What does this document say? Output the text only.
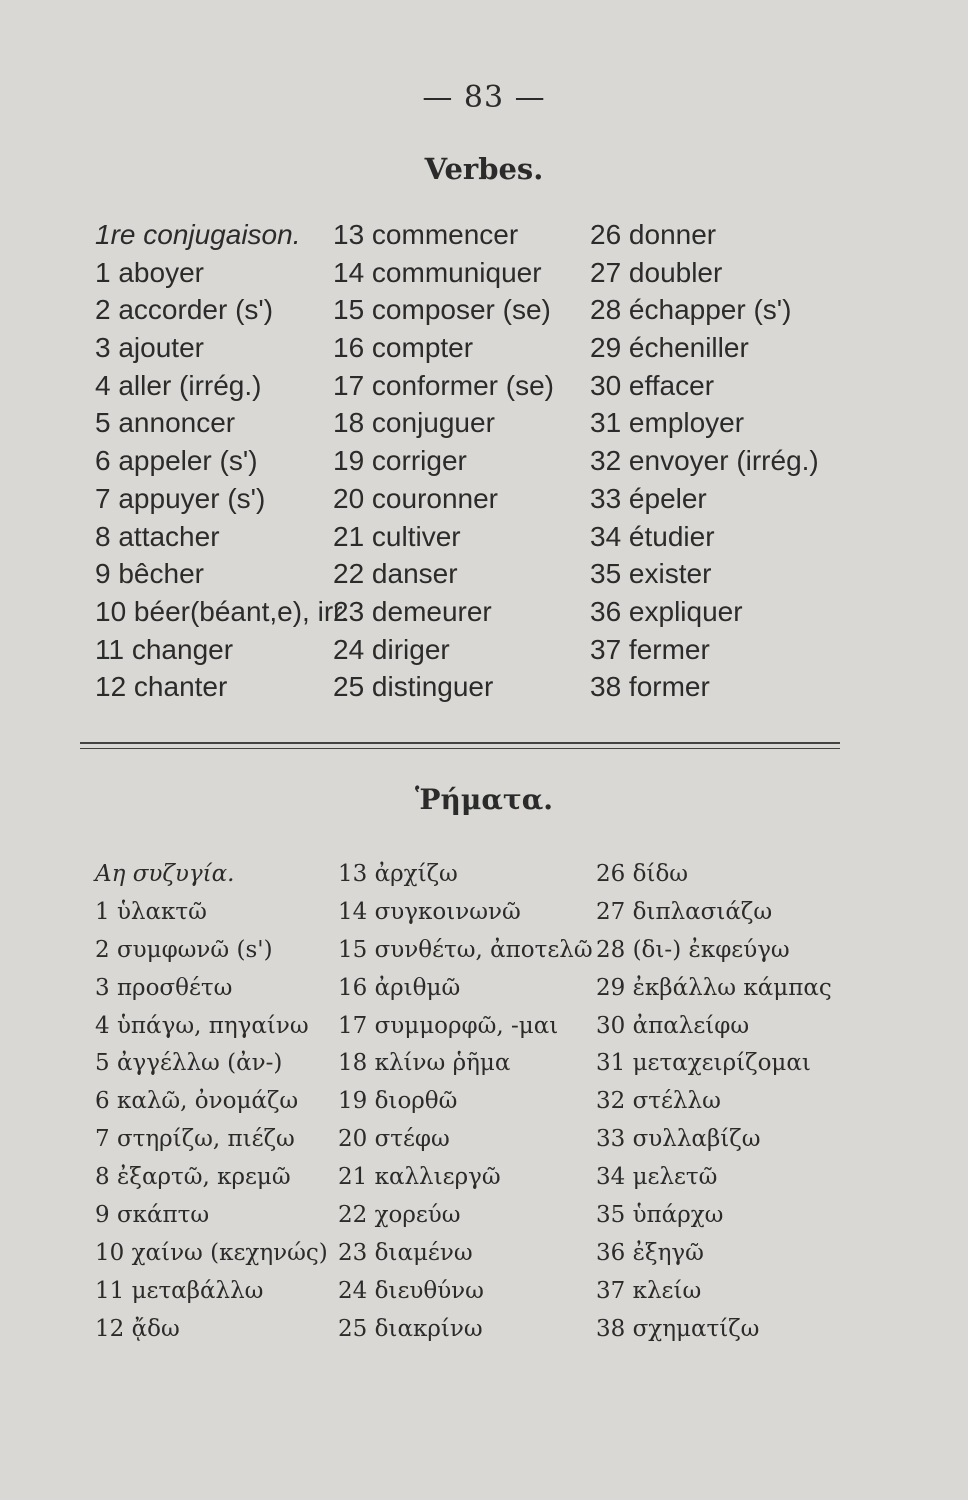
— 83 —
Verbes.
1re conjugaison.
1 aboyer
2 accorder (s')
3 ajouter
4 aller (irrég.)
5 annoncer
6 appeler (s')
7 appuyer (s')
8 attacher
9 bêcher
10 béer(béant,e), irr.
11 changer
12 chanter
13 commencer
14 communiquer
15 composer (se)
16 compter
17 conformer (se)
18 conjuguer
19 corriger
20 couronner
21 cultiver
22 danser
23 demeurer
24 diriger
25 distinguer
26 donner
27 doubler
28 échapper (s')
29 écheniller
30 effacer
31 employer
32 envoyer (irrég.)
33 épeler
34 étudier
35 exister
36 expliquer
37 fermer
38 former
Ῥήματα.
Αη συζυγία.
1 ὑλακτῶ
2 συμφωνῶ (s')
3 προσθέτω
4 ὑπάγω, πηγαίνω
5 ἀγγέλλω (ἀν-)
6 καλῶ, ὀνομάζω
7 στηρίζω, πιέζω
8 ἐξαρτῶ, κρεμῶ
9 σκάπτω
10 χαίνω (κεχηνώς)
11 μεταβάλλω
12 ᾄδω
13 ἀρχίζω
14 συγκοινωνῶ
15 συνθέτω, ἀποτελῶ
16 ἀριθμῶ
17 συμμορφῶ, -μαι
18 κλίνω ῥῆμα
19 διορθῶ
20 στέφω
21 καλλιεργῶ
22 χορεύω
23 διαμένω
24 διευθύνω
25 διακρίνω
26 δίδω
27 διπλασιάζω
28 (δι-) ἐκφεύγω
29 ἐκβάλλω κάμπας
30 ἀπαλείφω
31 μεταχειρίζομαι
32 στέλλω
33 συλλαβίζω
34 μελετῶ
35 ὑπάρχω
36 ἐξηγῶ
37 κλείω
38 σχηματίζω
